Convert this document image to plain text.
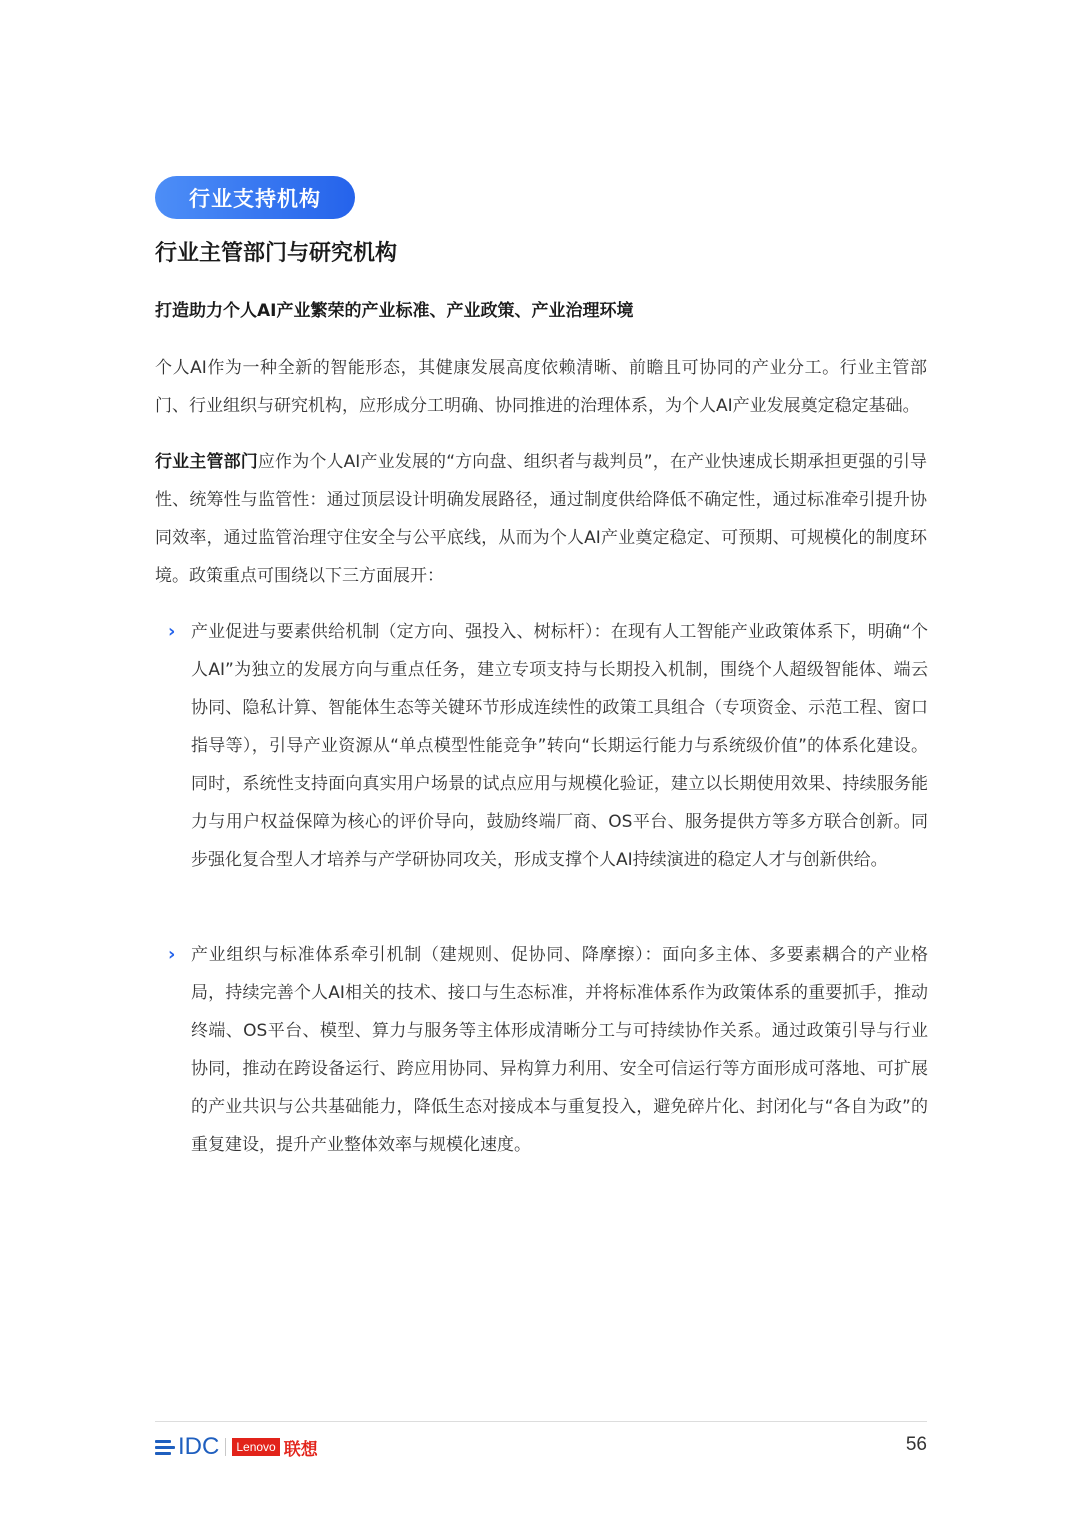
行业支持机构
行业主管部门与研究机构
打造助力个人AI产业繁荣的产业标准、产业政策、产业治理环境

个人AI作为一种全新的智能形态，其健康发展高度依赖清晰、前瞻且可协同的产业分工。行业主管部门、行业组织与研究机构，应形成分工明确、协同推进的治理体系，为个人AI产业发展奠定稳定基础。

行业主管部门应作为个人AI产业发展的“方向盘、组织者与裁判员”，在产业快速成长期承担更强的引导性、统筹性与监管性：通过顶层设计明确发展路径，通过制度供给降低不确定性，通过标准牵引提升协同效率，通过监管治理守住安全与公平底线，从而为个人AI产业奠定稳定、可预期、可规模化的制度环境。政策重点可围绕以下三方面展开：

› 产业促进与要素供给机制（定方向、强投入、树标杆）：在现有人工智能产业政策体系下，明确“个人AI”为独立的发展方向与重点任务，建立专项支持与长期投入机制，围绕个人超级智能体、端云协同、隐私计算、智能体生态等关键环节形成连续性的政策工具组合（专项资金、示范工程、窗口指导等），引导产业资源从“单点模型性能竞争”转向“长期运行能力与系统级价值”的体系化建设。同时，系统性支持面向真实用户场景的试点应用与规模化验证，建立以长期使用效果、持续服务能力与用户权益保障为核心的评价导向，鼓励终端厂商、OS平台、服务提供方等多方联合创新。同步强化复合型人才培养与产学研协同攻关，形成支撑个人AI持续演进的稳定人才与创新供给。

› 产业组织与标准体系牵引机制（建规则、促协同、降摩擦）：面向多主体、多要素耦合的产业格局，持续完善个人AI相关的技术、接口与生态标准，并将标准体系作为政策体系的重要抓手，推动终端、OS平台、模型、算力与服务等主体形成清晰分工与可持续协作关系。通过政策引导与行业协同，推动在跨设备运行、跨应用协同、异构算力利用、安全可信运行等方面形成可落地、可扩展的产业共识与公共基础能力，降低生态对接成本与重复投入，避免碎片化、封闭化与“各自为政”的重复建设，提升产业整体效率与规模化速度。

IDC	Lenovo 联想	56
